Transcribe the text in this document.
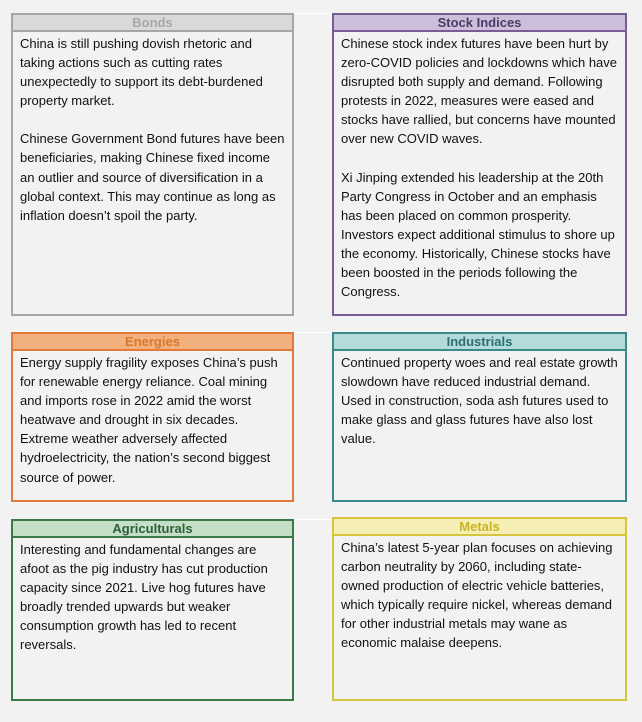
Bonds

China is still pushing dovish rhetoric and taking actions such as cutting rates unexpectedly to support its debt-burdened property market.

Chinese Government Bond futures have been beneficiaries, making Chinese fixed income an outlier and source of diversification in a global context. This may continue as long as inflation doesn’t spoil the party.

Stock Indices

Chinese stock index futures have been hurt by zero-COVID policies and lockdowns which have disrupted both supply and demand. Following protests in 2022, measures were eased and stocks have rallied, but concerns have mounted over new COVID waves.

Xi Jinping extended his leadership at the 20th Party Congress in October and an emphasis has been placed on common prosperity. Investors expect additional stimulus to shore up the economy. Historically, Chinese stocks have been boosted in the periods following the Congress.

Energies

Energy supply fragility exposes China’s push for renewable energy reliance. Coal mining and imports rose in 2022 amid the worst heatwave and drought in six decades. Extreme weather adversely affected hydroelectricity, the nation’s second biggest source of power.

Industrials

Continued property woes and real estate growth slowdown have reduced industrial demand. Used in construction, soda ash futures used to make glass and glass futures have also lost value.

Agriculturals

Interesting and fundamental changes are afoot as the pig industry has cut production capacity since 2021. Live hog futures have broadly trended upwards but weaker consumption growth has led to recent reversals.

Metals

China’s latest 5-year plan focuses on achieving carbon neutrality by 2060, including state-owned production of electric vehicle batteries, which typically require nickel, whereas demand for other industrial metals may wane as economic malaise deepens.
